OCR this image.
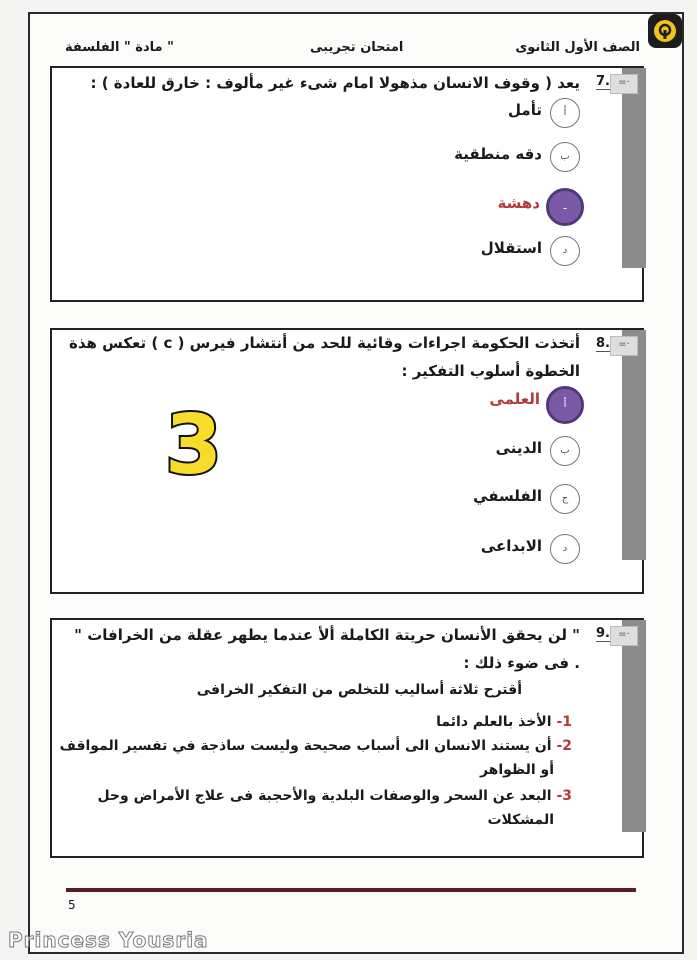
الصف الأول الثانوى
امتحان تجريبى
مادة " الفلسفة "
=·
7.
يعد ( وقوف الانسان مذهولا امام شىء غير مألوف : خارق للعادة ) :
أ
تأمل
ب
دقه منطقية
ـ
دهشة
د
استقلال
=·
8.
أتخذت الحكومة اجراءات وقائية للحد من أنتشار فيرس ( c ) تعكس هذة
الخطوة أسلوب التفكير :
أ
العلمى
ب
الدينى
ج
الفلسفي
د
الابداعى
3
=·
9.
" لن يحقق الأنسان حريتة الكاملة ألأ عندما يطهر عقلة من الخرافات "
. فى ضوء ذلك :
أقترح ثلاثة أساليب للتخلص من التفكير الخرافى
1- الأخذ بالعلم دائما
2- أن يستند الانسان الى أسباب صحيحة وليست ساذجة في تفسير المواقف
أو الظواهر
3- البعد عن السحر والوصفات البلدية والأحجبة فى علاج الأمراض وحل
المشكلات
5
Princess Yousria
